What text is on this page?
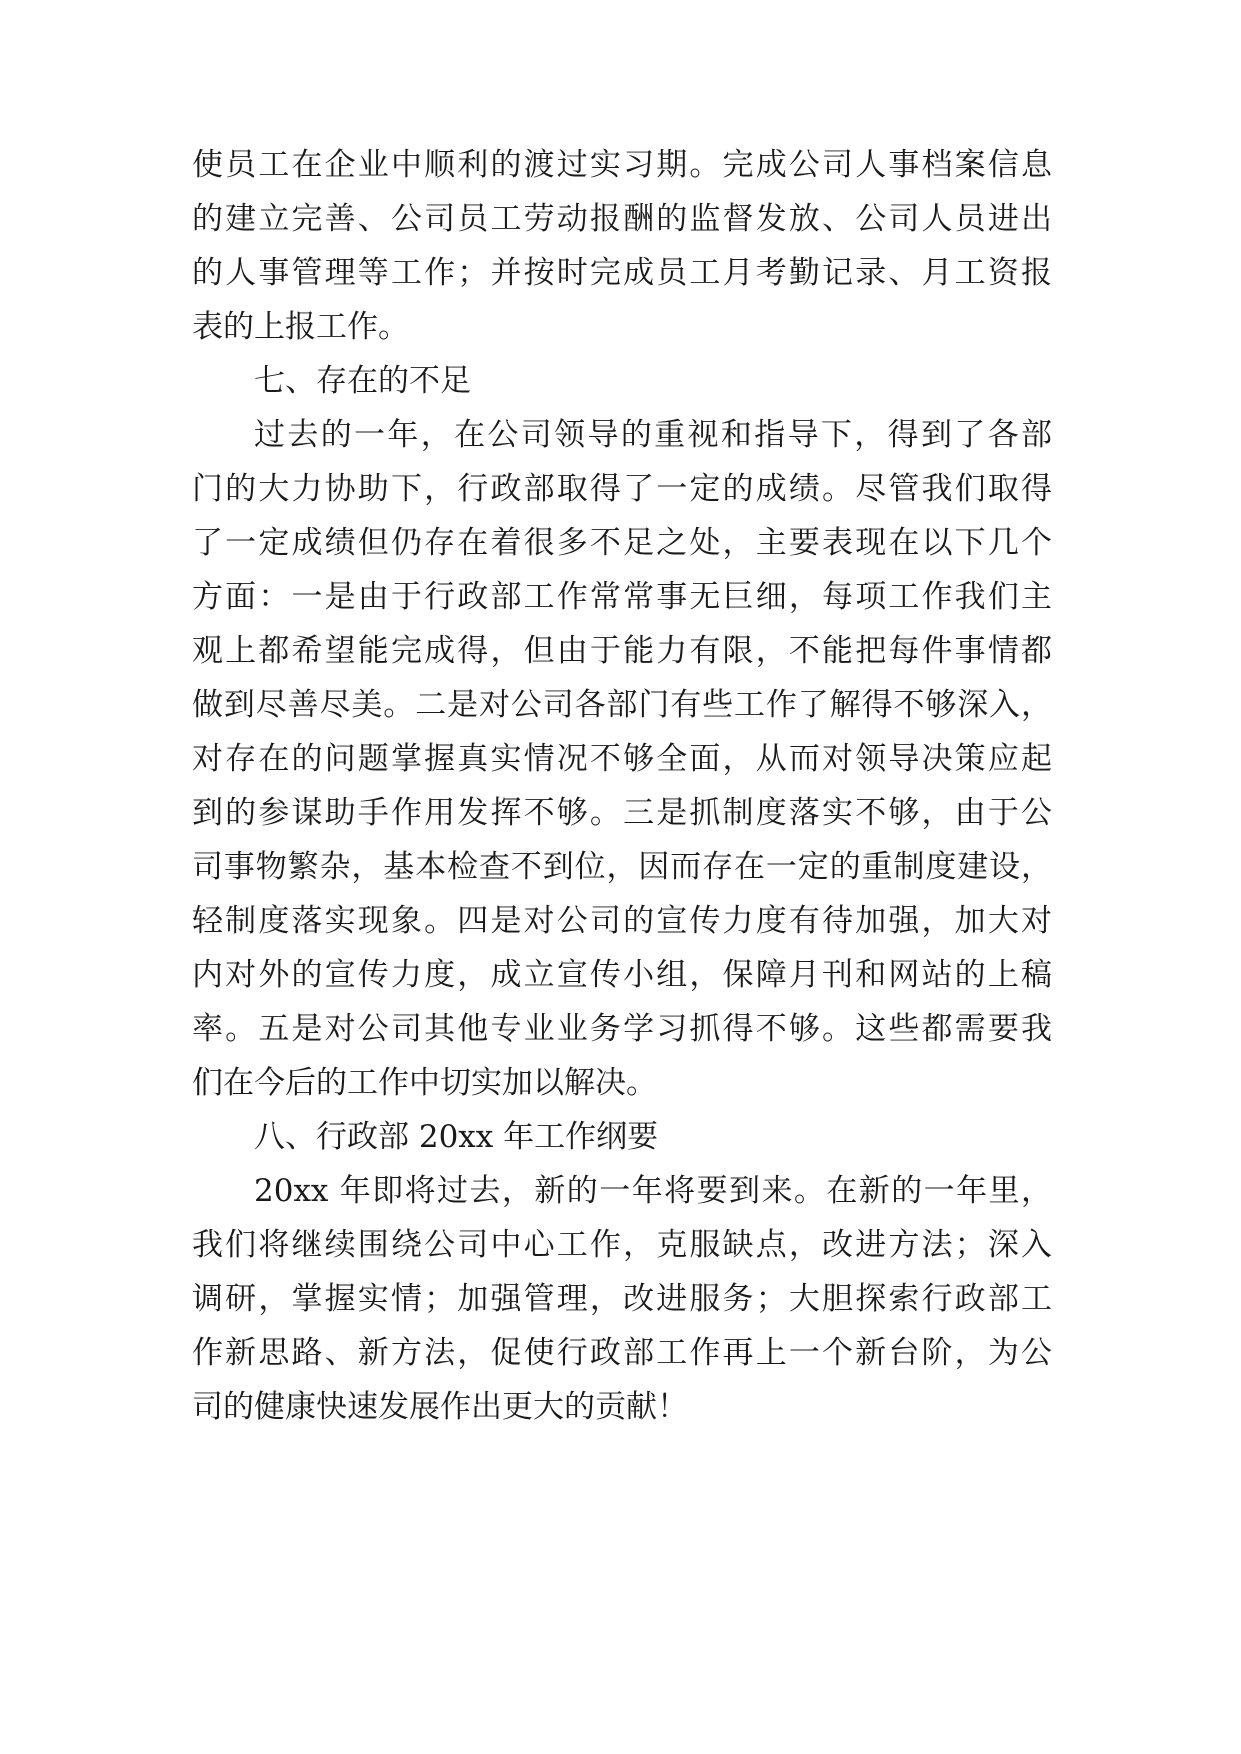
使员工在企业中顺利的渡过实习期。完成公司人事档案信息
的建立完善、公司员工劳动报酬的监督发放、公司人员进出
的人事管理等工作；并按时完成员工月考勤记录、月工资报
表的上报工作。
七、存在的不足
过去的一年，在公司领导的重视和指导下，得到了各部
门的大力协助下，行政部取得了一定的成绩。尽管我们取得
了一定成绩但仍存在着很多不足之处，主要表现在以下几个
方面：一是由于行政部工作常常事无巨细，每项工作我们主
观上都希望能完成得，但由于能力有限，不能把每件事情都
做到尽善尽美。二是对公司各部门有些工作了解得不够深入，
对存在的问题掌握真实情况不够全面，从而对领导决策应起
到的参谋助手作用发挥不够。三是抓制度落实不够，由于公
司事物繁杂，基本检查不到位，因而存在一定的重制度建设，
轻制度落实现象。四是对公司的宣传力度有待加强，加大对
内对外的宣传力度，成立宣传小组，保障月刊和网站的上稿
率。五是对公司其他专业业务学习抓得不够。这些都需要我
们在今后的工作中切实加以解决。
八、行政部 20xx 年工作纲要
20xx 年即将过去，新的一年将要到来。在新的一年里，
我们将继续围绕公司中心工作，克服缺点，改进方法；深入
调研，掌握实情；加强管理，改进服务；大胆探索行政部工
作新思路、新方法，促使行政部工作再上一个新台阶，为公
司的健康快速发展作出更大的贡献！
